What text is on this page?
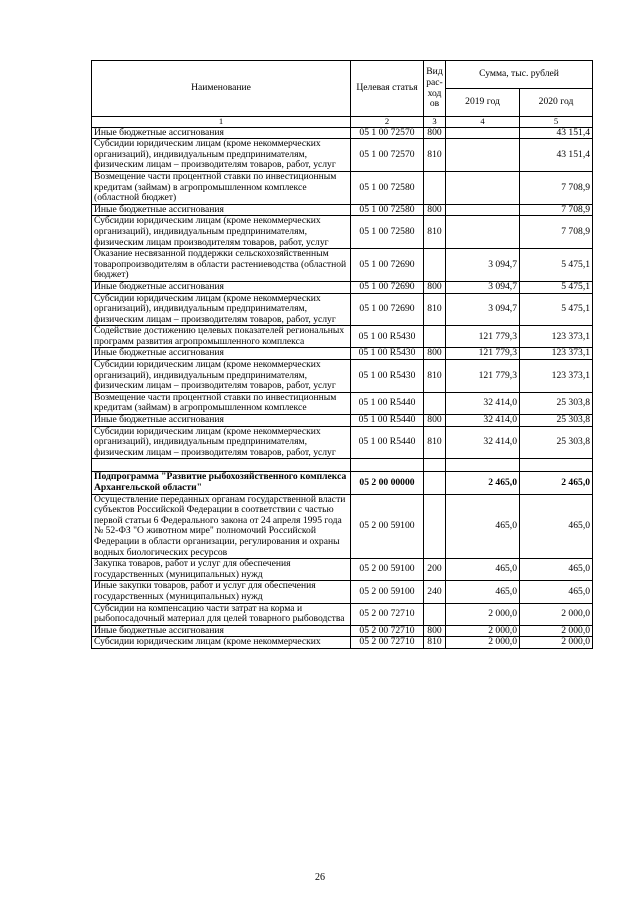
Наименование	Целевая статья	Вид рас-ходов	Сумма, тыс. рублей	
			2019 год	2020 год
1	2	3	4	5
Иные бюджетные ассигнования	05 1 00 72570	800		43 151,4
Субсидии юридическим лицам (кроме некоммерческих организаций), индивидуальным предпринимателям, физическим лицам – производителям товаров, работ, услуг	05 1 00 72570	810		43 151,4
Возмещение части процентной ставки по инвестиционным кредитам (займам) в агропромышленном комплексе (областной бюджет)	05 1 00 72580			7 708,9
Иные бюджетные ассигнования	05 1 00 72580	800		7 708,9
Субсидии юридическим лицам (кроме некоммерческих организаций), индивидуальным предпринимателям, физическим лицам производителям товаров, работ, услуг	05 1 00 72580	810		7 708,9
Оказание несвязанной поддержки сельскохозяйственным товаропроизводителям в области растениеводства (областной бюджет)	05 1 00 72690		3 094,7	5 475,1
Иные бюджетные ассигнования	05 1 00 72690	800	3 094,7	5 475,1
Субсидии юридическим лицам (кроме некоммерческих организаций), индивидуальным предпринимателям, физическим лицам – производителям товаров, работ, услуг	05 1 00 72690	810	3 094,7	5 475,1
Содействие достижению целевых показателей региональных программ развития агропромышленного комплекса	05 1 00 R5430		121 779,3	123 373,1
Иные бюджетные ассигнования	05 1 00 R5430	800	121 779,3	123 373,1
Субсидии юридическим лицам (кроме некоммерческих организаций), индивидуальным предпринимателям, физическим лицам – производителям товаров, работ, услуг	05 1 00 R5430	810	121 779,3	123 373,1
Возмещение части процентной ставки по инвестиционным кредитам (займам) в агропромышленном комплексе	05 1 00 R5440		32 414,0	25 303,8
Иные бюджетные ассигнования	05 1 00 R5440	800	32 414,0	25 303,8
Субсидии юридическим лицам (кроме некоммерческих организаций), индивидуальным предпринимателям, физическим лицам – производителям товаров, работ, услуг	05 1 00 R5440	810	32 414,0	25 303,8

Подпрограмма "Развитие рыбохозяйственного комплекса Архангельской области"	05 2 00 00000		2 465,0	2 465,0
Осуществление переданных органам государственной власти субъектов Российской Федерации в соответствии с частью первой статьи 6 Федерального закона от 24 апреля 1995 года № 52-ФЗ "О животном мире" полномочий Российской Федерации в области организации, регулирования и охраны водных биологических ресурсов	05 2 00 59100		465,0	465,0
Закупка товаров, работ и услуг для обеспечения государственных (муниципальных) нужд	05 2 00 59100	200	465,0	465,0
Иные закупки товаров, работ и услуг для обеспечения государственных (муниципальных) нужд	05 2 00 59100	240	465,0	465,0
Субсидии на компенсацию части затрат на корма и рыбопосадочный материал для целей товарного рыбоводства	05 2 00 72710		2 000,0	2 000,0
Иные бюджетные ассигнования	05 2 00 72710	800	2 000,0	2 000,0
Субсидии юридическим лицам (кроме некоммерческих	05 2 00 72710	810	2 000,0	2 000,0
26
